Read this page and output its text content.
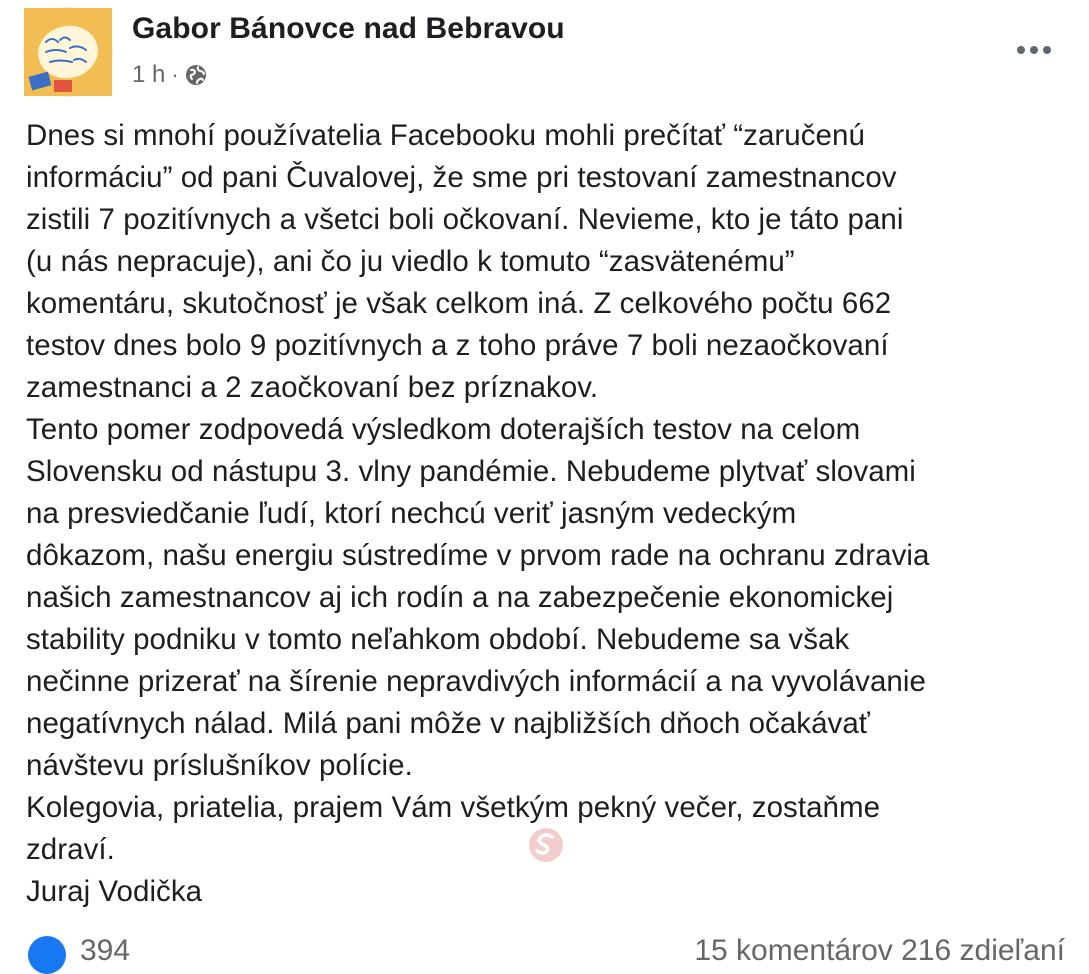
Gabor Bánovce nad Bebravou
1 h ·
Dnes si mnohí používatelia Facebooku mohli prečítať “zaručenú
informáciu” od pani Čuvalovej, že sme pri testovaní zamestnancov
zistili 7 pozitívnych a všetci boli očkovaní. Nevieme, kto je táto pani
(u nás nepracuje), ani čo ju viedlo k tomuto “zasvätenému”
komentáru, skutočnosť je však celkom iná. Z celkového počtu 662
testov dnes bolo 9 pozitívnych a z toho práve 7 boli nezaočkovaní
zamestnanci a 2 zaočkovaní bez príznakov.
Tento pomer zodpovedá výsledkom doterajších testov na celom
Slovensku od nástupu 3. vlny pandémie. Nebudeme plytvať slovami
na presviedčanie ľudí, ktorí nechcú veriť jasným vedeckým
dôkazom, našu energiu sústredíme v prvom rade na ochranu zdravia
našich zamestnancov aj ich rodín a na zabezpečenie ekonomickej
stability podniku v tomto neľahkom období. Nebudeme sa však
nečinne prizerať na šírenie nepravdivých informácií a na vyvolávanie
negatívnych nálad. Milá pani môže v najbližších dňoch očakávať
návštevu príslušníkov polície.
Kolegovia, priatelia, prajem Vám všetkým pekný večer, zostaňme
zdraví.
Juraj Vodička
394	15 komentárov 216 zdieľaní
